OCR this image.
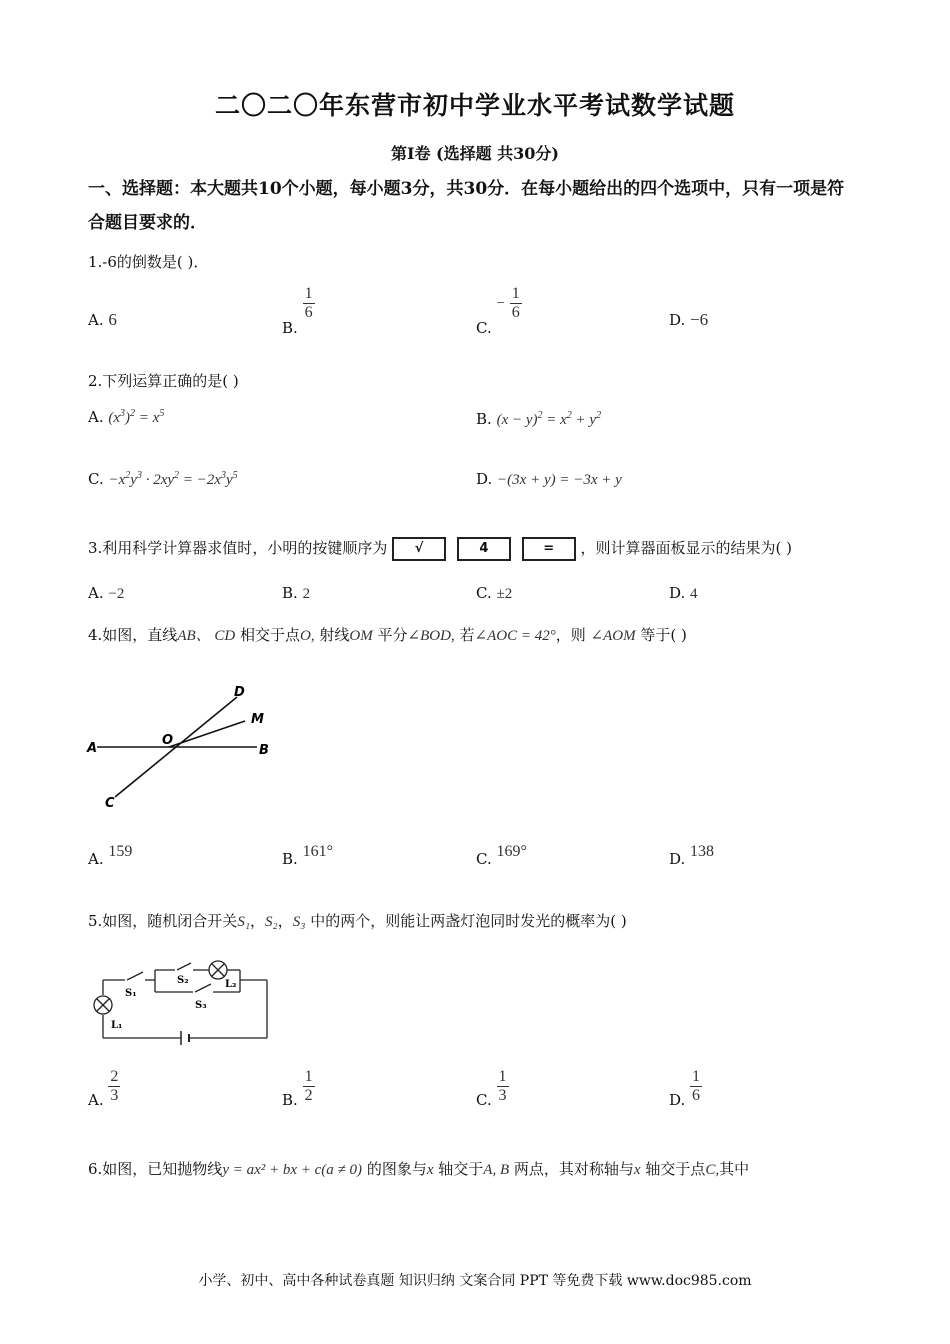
二〇二〇年东营市初中学业水平考试数学试题
第Ⅰ卷 (选择题 共30分)
一、选择题：本大题共10个小题，每小题3分，共30分．在每小题给出的四个选项中，只有一项是符合题目要求的．
1.-6的倒数是( )．
A. 6	B.
$\frac{1}{6}$
C. − $\frac{1}{6}$	D. −6
2.下列运算正确的是( )
A. $(x^3)^2 = x^5$	B. $(x - y)^2 = x^2 + y^2$
C. $-x^2y^3 \cdot 2xy^2 = -2x^3y^5$	D. −(3x + y) = −3x + y
3.利用科学计算器求值时，小明的按键顺序为 √	4	= ，则计算器面板显示的结果为( )
A. −2	B. 2	C. ±2	D. 4
4.如图，直线AB、 CD 相交于点O, 射线OM 平分∠BOD, 若∠AOC = 42°，则 ∠AOM 等于( )
A	B
C
D
M
O
A. 159	B. 161°	C. 169°	D. 138
5.如图，随机闭合开关S₁，S₂，S₃ 中的两个，则能让两盏灯泡同时发光的概率为( )
S₁
S₂
S₃
L₂
L₁
A. $\frac{2}{3}$	B. $\frac{1}{2}$	C. $\frac{1}{3}$	D. $\frac{1}{6}$
6.如图，已知抛物线y = ax² + bx + c(a ≠ 0) 的图象与x 轴交于A, B 两点，其对称轴与x 轴交于点C,其中
小学、初中、高中各种试卷真题 知识归纳 文案合同 PPT 等免费下载 www.doc985.com
